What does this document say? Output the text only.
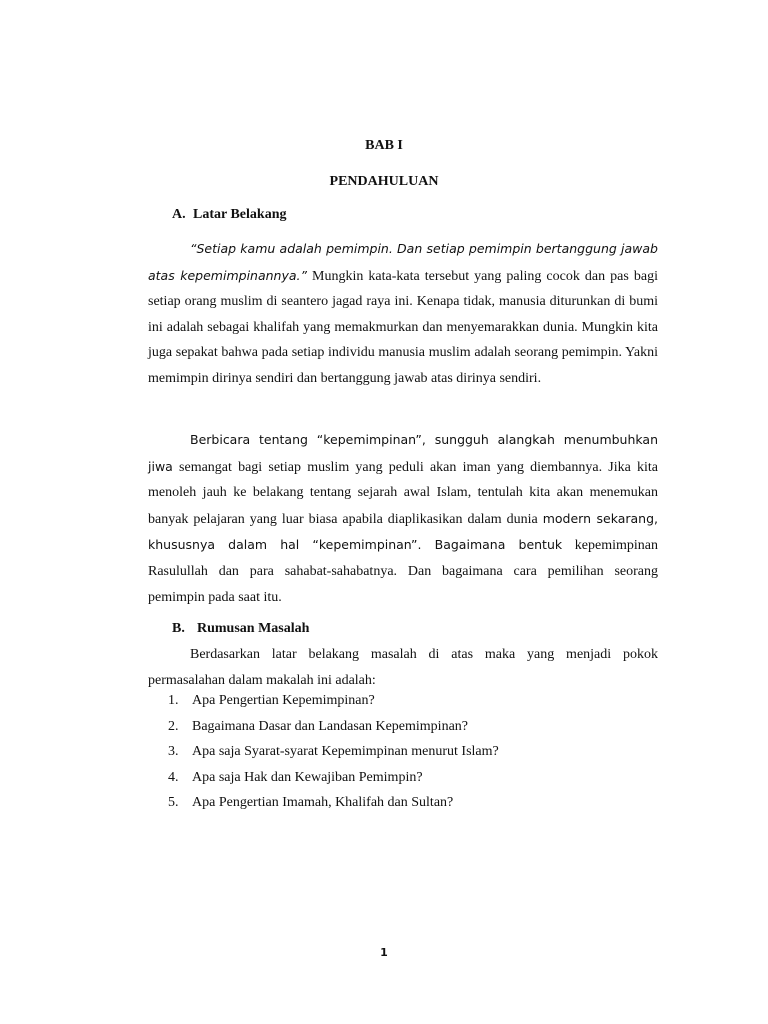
BAB I
PENDAHULUAN
A. Latar Belakang

“Setiap kamu adalah pemimpin. Dan setiap pemimpin bertanggung jawab atas kepemimpinannya.” Mungkin kata-kata tersebut yang paling cocok dan pas bagi setiap orang muslim di seantero jagad raya ini. Kenapa tidak, manusia diturunkan di bumi ini adalah sebagai khalifah yang memakmurkan dan menyemarakkan dunia. Mungkin kita juga sepakat bahwa pada setiap individu manusia muslim adalah seorang pemimpin. Yakni memimpin dirinya sendiri dan bertanggung jawab atas dirinya sendiri.

Berbicara tentang “kepemimpinan”, sungguh alangkah menumbuhkan jiwa semangat bagi setiap muslim yang peduli akan iman yang diembannya. Jika kita menoleh jauh ke belakang tentang sejarah awal Islam, tentulah kita akan menemukan banyak pelajaran yang luar biasa apabila diaplikasikan dalam dunia modern sekarang, khususnya dalam hal “kepemimpinan”. Bagaimana bentuk kepemimpinan Rasulullah dan para sahabat-sahabatnya. Dan bagaimana cara pemilihan seorang pemimpin pada saat itu.

B. Rumusan Masalah

Berdasarkan latar belakang masalah di atas maka yang menjadi pokok permasalahan dalam makalah ini adalah:

1. Apa Pengertian Kepemimpinan?
2. Bagaimana Dasar dan Landasan Kepemimpinan?
3. Apa saja Syarat-syarat Kepemimpinan menurut Islam?
4. Apa saja Hak dan Kewajiban Pemimpin?
5. Apa Pengertian Imamah, Khalifah dan Sultan?
1
